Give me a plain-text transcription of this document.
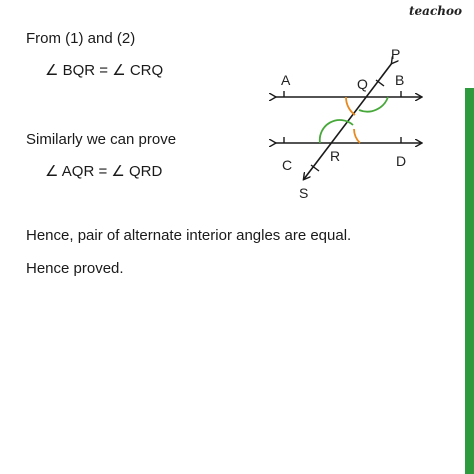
teachoo
From (1) and (2)
∠ BQR = ∠ CRQ
Similarly we can prove
∠ AQR = ∠ QRD
Hence, pair of alternate interior angles are equal.
Hence proved.
A	B
Q
P
C	D
R
S
